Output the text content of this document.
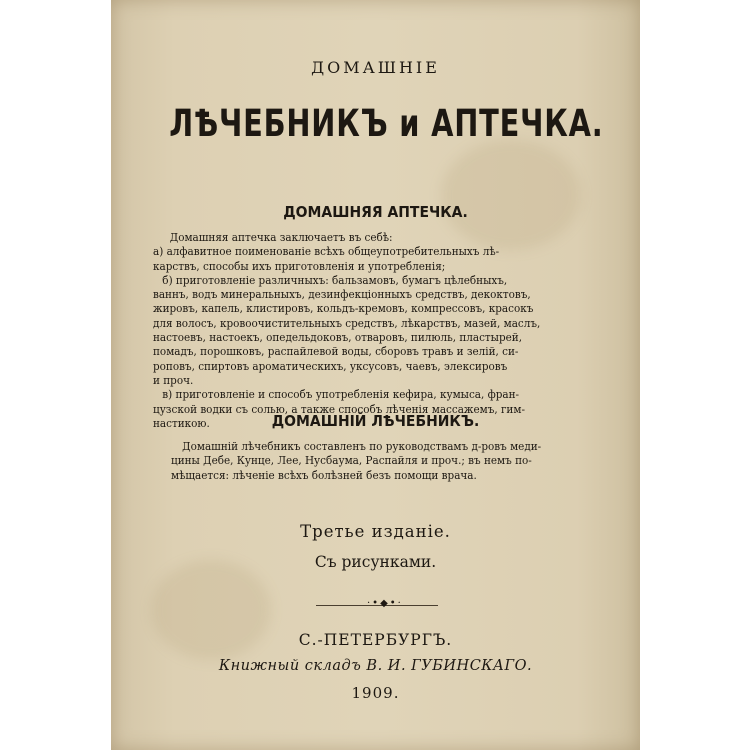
ДОМАШНІЕ
ЛѢЧЕБНИКЪ и АПТЕЧКА.
ДОМАШНЯЯ АПТЕЧКА.
Домашняя аптечка заключаетъ въ себѣ:
а) алфавитное поименованіе всѣхъ общеупотребительныхъ лѣ-
карствъ, способы ихъ приготовленія и употребленія;
б) приготовленіе различныхъ: бальзамовъ, бумагъ цѣлебныхъ,
ваннъ, водъ минеральныхъ, дезинфекціонныхъ средствъ, декоктовъ,
жировъ, капель, клистировъ, кольдъ-кремовъ, компрессовъ, красокъ
для волосъ, кровоочистительныхъ средствъ, лѣкарствъ, мазей, маслъ,
настоевъ, настоекъ, опедельдоковъ, отваровъ, пилюль, пластырей,
помадъ, порошковъ, распайлевой воды, сборовъ травъ и зелій, си-
роповъ, спиртовъ ароматическихъ, уксусовъ, чаевъ, элексировъ
и проч.
в) приготовленіе и способъ употребленія кефира, кумыса, фран-
цузской водки съ солью, а также способъ лѣченія массажемъ, гим-
настикою.	ДОМАШНІЙ ЛѢЧЕБНИКЪ.
Домашній лѣчебникъ составленъ по руководствамъ д-ровъ меди-
цины Дебе, Кунце, Лее, Нусбаума, Распайля и проч.; въ немъ по-
мѣщается: лѣченіе всѣхъ болѣзней безъ помощи врача.
Третье изданіе.
Съ рисунками.
·•◆•·
С.-ПЕТЕРБУРГЪ.
Книжный складъ В. И. ГУБИНСКАГО.
1909.
